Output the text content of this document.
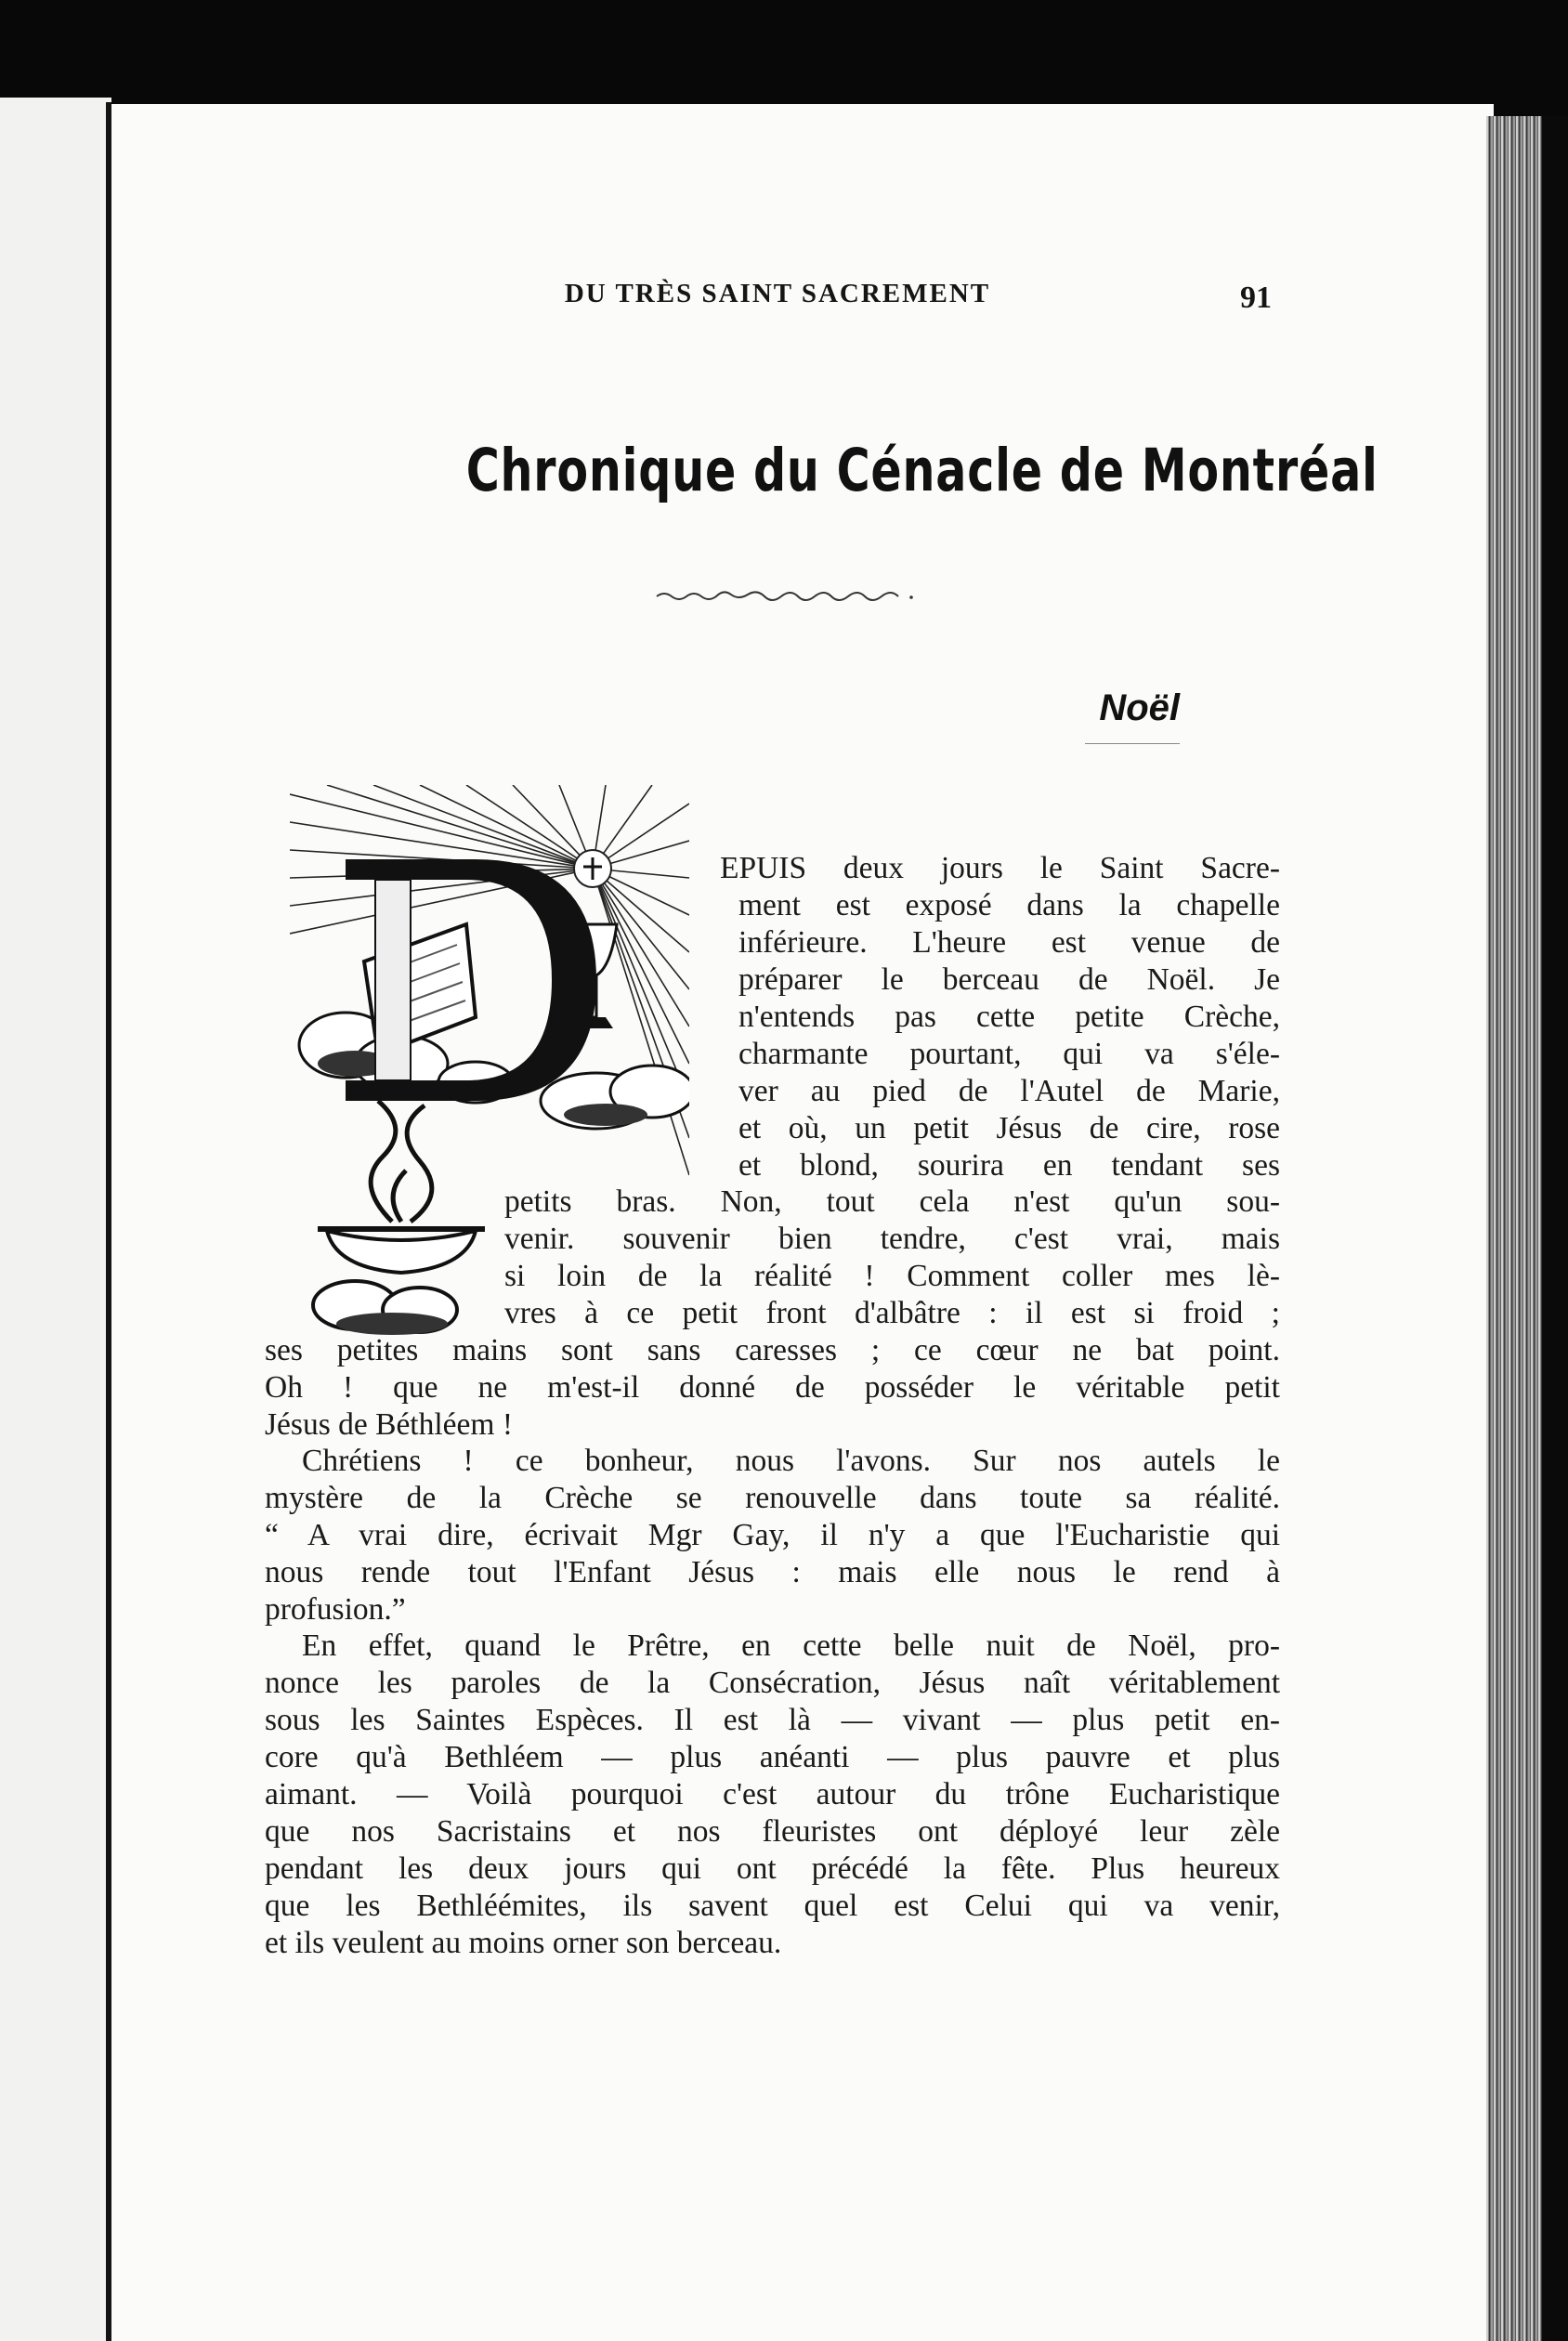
DU TRÈS SAINT SACREMENT	91
Chronique du Cénacle de Montréal
Noël
EPUIS deux jours le Saint Sacre-
ment est exposé dans la chapelle
inférieure. L'heure est venue de
préparer le berceau de Noël. Je
n'entends pas cette petite Crèche,
charmante pourtant, qui va s'éle-
ver au pied de l'Autel de Marie,
et où, un petit Jésus de cire, rose
et blond, sourira en tendant ses
petits bras. Non, tout cela n'est qu'un sou-
venir. souvenir bien tendre, c'est vrai, mais
si loin de la réalité ! Comment coller mes lè-
vres à ce petit front d'albâtre : il est si froid ;
ses petites mains sont sans caresses ; ce cœur ne bat point.
Oh ! que ne m'est-il donné de posséder le véritable petit
Jésus de Béthléem !
Chrétiens ! ce bonheur, nous l'avons. Sur nos autels le
mystère de la Crèche se renouvelle dans toute sa réalité.
“ A vrai dire, écrivait Mgr Gay, il n'y a que l'Eucharistie qui
nous rende tout l'Enfant Jésus : mais elle nous le rend à
profusion.”
En effet, quand le Prêtre, en cette belle nuit de Noël, pro-
nonce les paroles de la Consécration, Jésus naît véritablement
sous les Saintes Espèces. Il est là — vivant — plus petit en-
core qu'à Bethléem — plus anéanti — plus pauvre et plus
aimant. — Voilà pourquoi c'est autour du trône Eucharistique
que nos Sacristains et nos fleuristes ont déployé leur zèle
pendant les deux jours qui ont précédé la fête. Plus heureux
que les Bethléémites, ils savent quel est Celui qui va venir,
et ils veulent au moins orner son berceau.
